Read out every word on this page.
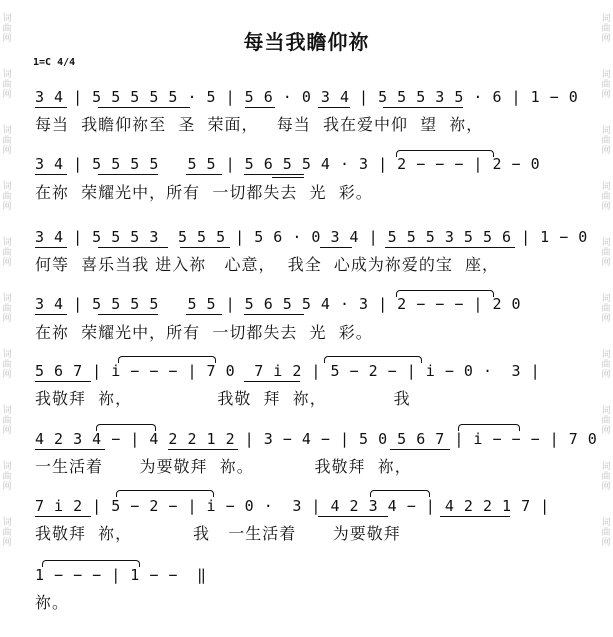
词
曲
网
词
曲
网
词
曲
网
词
曲
网
词
曲
网
词
曲
网
词
曲
网
词
曲
网
词
曲
网
词
曲
网
词
曲
网
词
曲
网
词
曲
网
词
曲
网
词
曲
网
词
曲
网
词
曲
网
词
曲
网
词
曲
网
词
曲
网
每当我瞻仰祢
1=C 4/4
3 4 | 5 5 5 5 5 · 5 | 5 6 · 0 3 4 | 5 5 5 3 5 · 6 | 1 − 0
每当  我瞻仰祢至  圣  荣面，   每当  我在爱中仰  望  祢，
3 4 | 5 5 5 5   5 5 | 5 6 5 5 4 · 3 | 2 − − − | 2 − 0
在祢  荣耀光中，所有  一切都失去  光  彩。
3 4 | 5 5 5 3  5 5 5 | 5 6 · 0 3 4 | 5 5 5 3 5 5 6 | 1 − 0
何等  喜乐当我 进入祢   心意，  我全  心成为祢爱的宝  座，
3 4 | 5 5 5 5   5 5 | 5 6 5 5 4 · 3 | 2 − − − | 2 0
在祢  荣耀光中，所有  一切都失去  光  彩。
5 6 7 | i − − − | 7 0  7 i 2 | 5 − 2 − | i − 0 ·  3 |
我敬拜  祢，              我敬  拜  祢，           我
4 2 3 4 − | 4 2 2 1 2 | 3 − 4 − | 5 0 5 6 7 | i − − − | 7 0
一生活着      为要敬拜  祢。          我敬拜  祢，
7 i 2 | 5 − 2 − | i − 0 ·  3 | 4 2 3 4 − | 4 2 2 1 7 |
我敬拜  祢，          我   一生活着      为要敬拜
1 − − − | 1 − −  ‖
祢。
